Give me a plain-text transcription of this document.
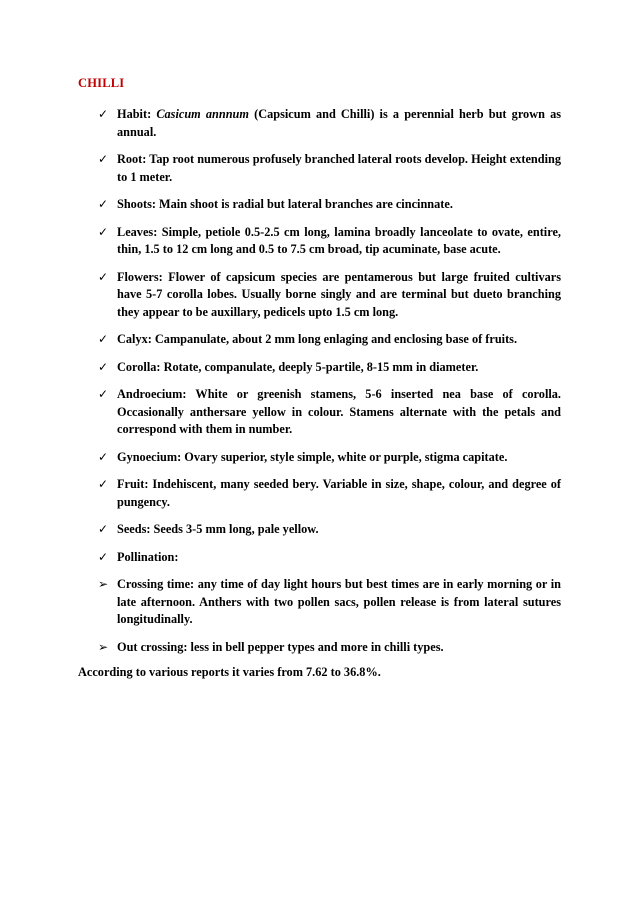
CHILLI
✓ Habit: Casicum annnum (Capsicum and Chilli) is a perennial herb but grown as annual.
✓ Root: Tap root numerous profusely branched lateral roots develop. Height extending to 1 meter.
✓ Shoots: Main shoot is radial but lateral branches are cincinnate.
✓ Leaves: Simple, petiole 0.5-2.5 cm long, lamina broadly lanceolate to ovate, entire, thin, 1.5 to 12 cm long and 0.5 to 7.5 cm broad, tip acuminate, base acute.
✓ Flowers: Flower of capsicum species are pentamerous but large fruited cultivars have 5-7 corolla lobes. Usually borne singly and are terminal but dueto branching they appear to be auxillary, pedicels upto 1.5 cm long.
✓ Calyx: Campanulate, about 2 mm long enlaging and enclosing base of fruits.
✓ Corolla: Rotate, companulate, deeply 5-partile, 8-15 mm in diameter.
✓ Androecium: White or greenish stamens, 5-6 inserted nea base of corolla. Occasionally anthersare yellow in colour. Stamens alternate with the petals and correspond with them in number.
✓ Gynoecium: Ovary superior, style simple, white or purple, stigma capitate.
✓ Fruit: Indehiscent, many seeded bery. Variable in size, shape, colour, and degree of pungency.
✓ Seeds: Seeds 3-5 mm long, pale yellow.
✓ Pollination:
➢ Crossing time: any time of day light hours but best times are in early morning or in late afternoon. Anthers with two pollen sacs, pollen release is from lateral sutures longitudinally.
➢ Out crossing: less in bell pepper types and more in chilli types.
According to various reports it varies from 7.62 to 36.8%.
